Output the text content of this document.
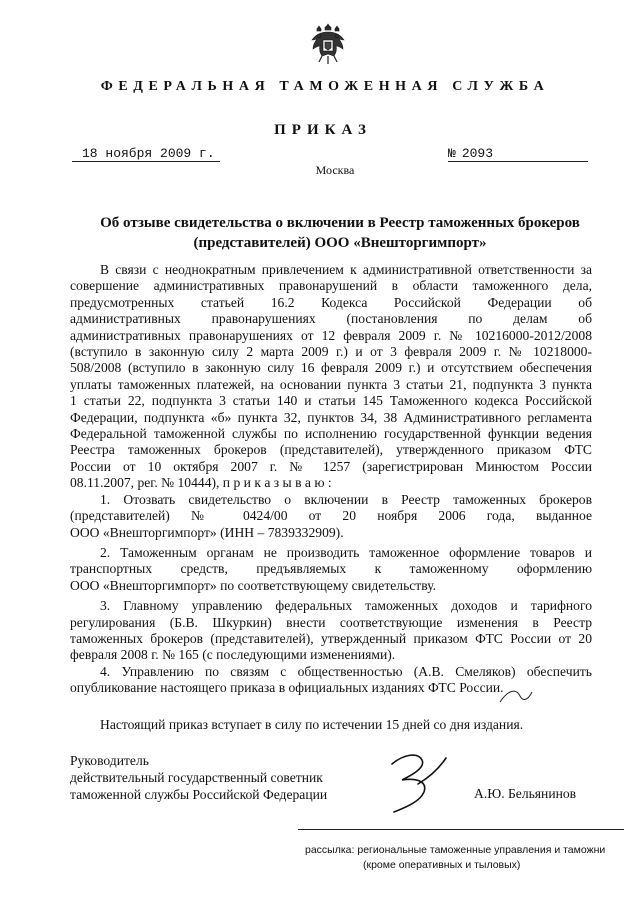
ФЕДЕРАЛЬНАЯ ТАМОЖЕННАЯ СЛУЖБА
ПРИКАЗ
18 ноября 2009 г.	№ 2093
Москва
Об отзыве свидетельства о включении в Реестр таможенных брокеров
(представителей) ООО «Внешторгимпорт»

В связи с неоднократным привлечением к административной ответственности за
совершение административных правонарушений в области таможенного дела,
предусмотренных статьей 16.2 Кодекса Российской Федерации об
административных правонарушениях (постановления по делам об
административных правонарушениях от 12 февраля 2009 г. № 10216000-2012/2008
(вступило в законную силу 2 марта 2009 г.) и от 3 февраля 2009 г. № 10218000-
508/2008 (вступило в законную силу 16 февраля 2009 г.) и отсутствием обеспечения
уплаты таможенных платежей, на основании пункта 3 статьи 21, подпункта 3 пункта
1 статьи 22, подпункта 3 статьи 140 и статьи 145 Таможенного кодекса Российской
Федерации, подпункта «б» пункта 32, пунктов 34, 38 Административного регламента
Федеральной таможенной службы по исполнению государственной функции ведения
Реестра таможенных брокеров (представителей), утвержденного приказом ФТС
России от 10 октября 2007 г. № 1257 (зарегистрирован Минюстом России
08.11.2007, рег. № 10444), п р и к а з ы в а ю :

1. Отозвать свидетельство о включении в Реестр таможенных брокеров
(представителей) № 0424/00 от 20 ноября 2006 года, выданное
ООО «Внешторгимпорт» (ИНН – 7839332909).

2. Таможенным органам не производить таможенное оформление товаров и
транспортных средств, предъявляемых к таможенному оформлению
ООО «Внешторгимпорт» по соответствующему свидетельству.

3. Главному управлению федеральных таможенных доходов и тарифного
регулирования (Б.В. Шкуркин) внести соответствующие изменения в Реестр
таможенных брокеров (представителей), утвержденный приказом ФТС России от 20
февраля 2008 г. № 165 (с последующими изменениями).

4. Управлению по связям с общественностью (А.В. Смеляков) обеспечить
опубликование настоящего приказа в официальных изданиях ФТС России.

Настоящий приказ вступает в силу по истечении 15 дней со дня издания.
Руководитель
действительный государственный советник
таможенной службы Российской Федерации	А.Ю. Бельянинов
рассылка: региональные таможенные управления и таможни
(кроме оперативных и тыловых)
